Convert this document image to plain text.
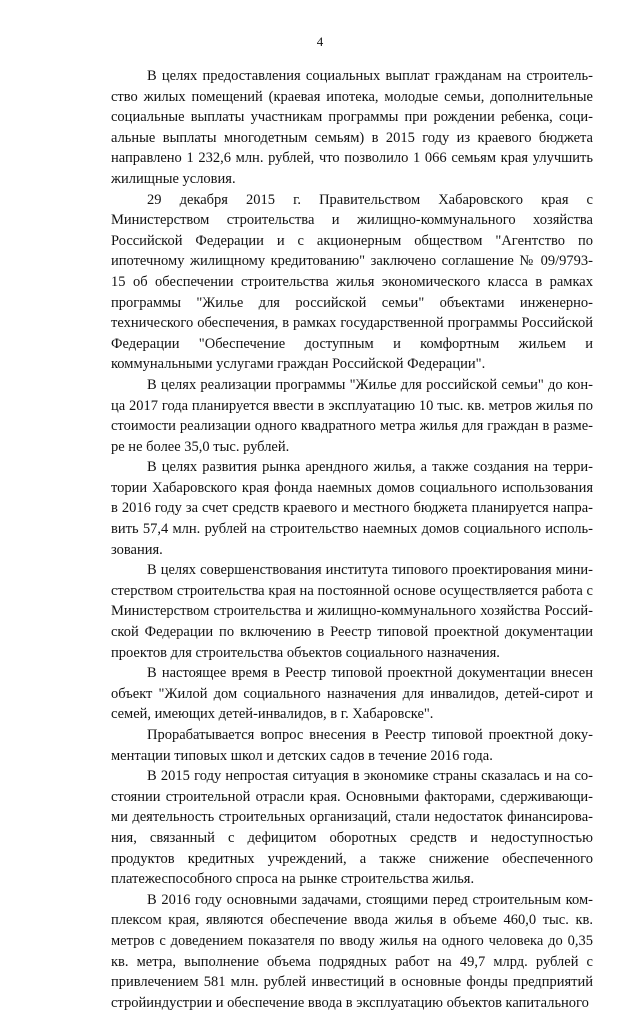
4

В целях предоставления социальных выплат гражданам на строительство жилых помещений (краевая ипотека, молодые семьи, дополнительные социальные выплаты участникам программы при рождении ребенка, социальные выплаты многодетным семьям) в 2015 году из краевого бюджета направлено 1 232,6 млн. рублей, что позволило 1 066 семьям края улучшить жилищные условия.

29 декабря 2015 г. Правительством Хабаровского края с Министерством строительства и жилищно-коммунального хозяйства Российской Федерации и с акционерным обществом "Агентство по ипотечному жилищному кредитованию" заключено соглашение № 09/9793-15 об обеспечении строительства жилья экономического класса в рамках программы "Жилье для российской семьи" объектами инженерно-технического обеспечения, в рамках государственной программы Российской Федерации "Обеспечение доступным и комфортным жильем и коммунальными услугами граждан Российской Федерации".

В целях реализации программы "Жилье для российской семьи" до конца 2017 года планируется ввести в эксплуатацию 10 тыс. кв. метров жилья по стоимости реализации одного квадратного метра жилья для граждан в размере не более 35,0 тыс. рублей.

В целях развития рынка арендного жилья, а также создания на территории Хабаровского края фонда наемных домов социального использования в 2016 году за счет средств краевого и местного бюджета планируется направить 57,4 млн. рублей на строительство наемных домов социального использования.

В целях совершенствования института типового проектирования министерством строительства края на постоянной основе осуществляется работа с Министерством строительства и жилищно-коммунального хозяйства Российской Федерации по включению в Реестр типовой проектной документации проектов для строительства объектов социального назначения.

В настоящее время в Реестр типовой проектной документации внесен объект "Жилой дом социального назначения для инвалидов, детей-сирот и семей, имеющих детей-инвалидов, в г. Хабаровске".

Прорабатывается вопрос внесения в Реестр типовой проектной документации типовых школ и детских садов в течение 2016 года.

В 2015 году непростая ситуация в экономике страны сказалась и на состоянии строительной отрасли края. Основными факторами, сдерживающими деятельность строительных организаций, стали недостаток финансирования, связанный с дефицитом оборотных средств и недоступностью продуктов кредитных учреждений, а также снижение обеспеченного платежеспособного спроса на рынке строительства жилья.

В 2016 году основными задачами, стоящими перед строительным комплексом края, являются обеспечение ввода жилья в объеме 460,0 тыс. кв. метров с доведением показателя по вводу жилья на одного человека до 0,35 кв. метра, выполнение объема подрядных работ на 49,7 млрд. рублей с привлечением 581 млн. рублей инвестиций в основные фонды предприятий стройиндустрии и обеспечение ввода в эксплуатацию объектов капитального
